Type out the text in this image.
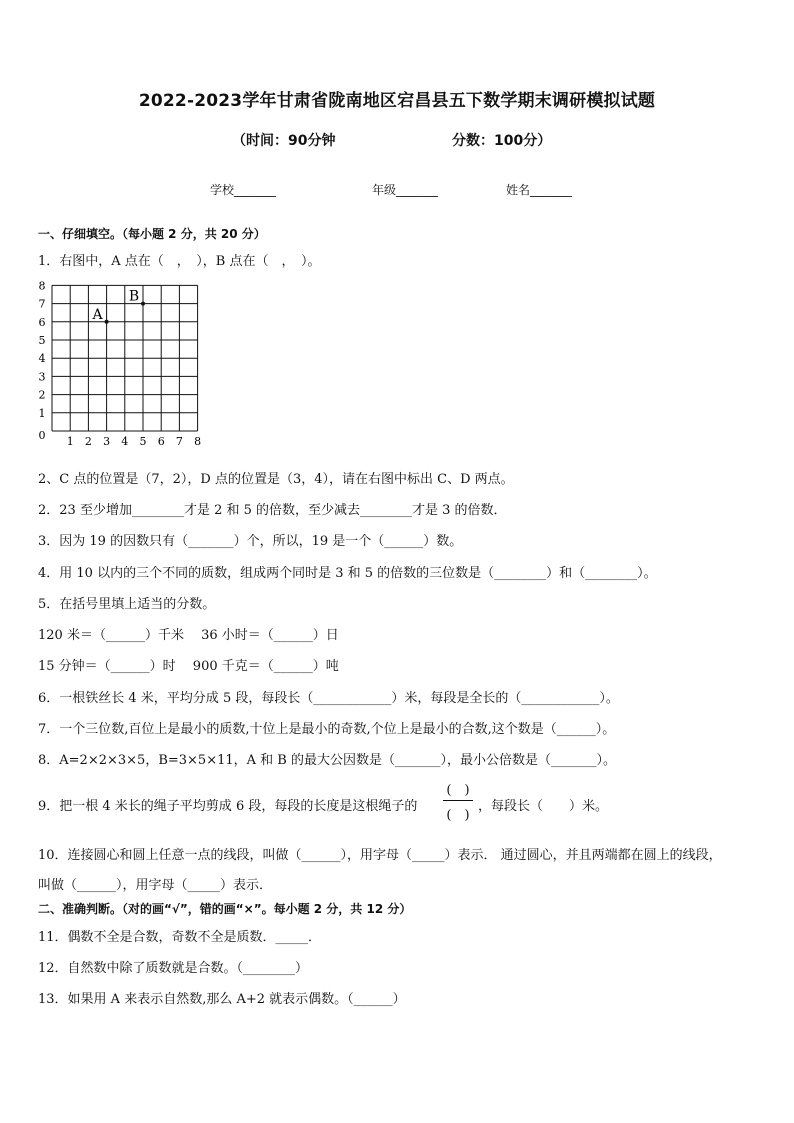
2022-2023学年甘肃省陇南地区宕昌县五下数学期末调研模拟试题
（时间：90分钟	分数：100分）
学校_______	年级_______	姓名_______
一、仔细填空。（每小题 2 分，共 20 分）
1．右图中，A 点在（　，　），B 点在（　，　）。
0 1 2 3 4 5 6 7 8
1
2
3
4
5
6
7
8
A
B
2、C 点的位置是（7，2），D 点的位置是（3，4），请在右图中标出 C、D 两点。
2．23 至少增加________才是 2 和 5 的倍数，至少减去________才是 3 的倍数．
3．因为 19 的因数只有（_______）个，所以，19 是一个（______）数。
4．用 10 以内的三个不同的质数，组成两个同时是 3 和 5 的倍数的三位数是（________）和（________）。
5．在括号里填上适当的分数。
120 米＝（______）千米　 36 小时＝（______）日
15 分钟＝（______）时　 900 千克＝（______）吨
6．一根铁丝长 4 米，平均分成 5 段，每段长（____________）米，每段是全长的（____________）。
7．一个三位数,百位上是最小的质数,十位上是最小的奇数,个位上是最小的合数,这个数是（______）。
8．A=2×2×3×5，B=3×5×11，A 和 B 的最大公因数是（_______），最小公倍数是（_______）。
9．把一根 4 米长的绳子平均剪成 6 段，每段的长度是这根绳子的
(　)
(　)
，每段长（　　）米。
10．连接圆心和圆上任意一点的线段，叫做（______），用字母（_____）表示． 通过圆心，并且两端都在圆上的线段，
叫做（______），用字母（_____）表示．
二、准确判断。（对的画“√”，错的画“×”。每小题 2 分，共 12 分）
11．偶数不全是合数，奇数不全是质数．_____．
12．自然数中除了质数就是合数。（________）
13．如果用 A 来表示自然数,那么 A+2 就表示偶数。（______）
